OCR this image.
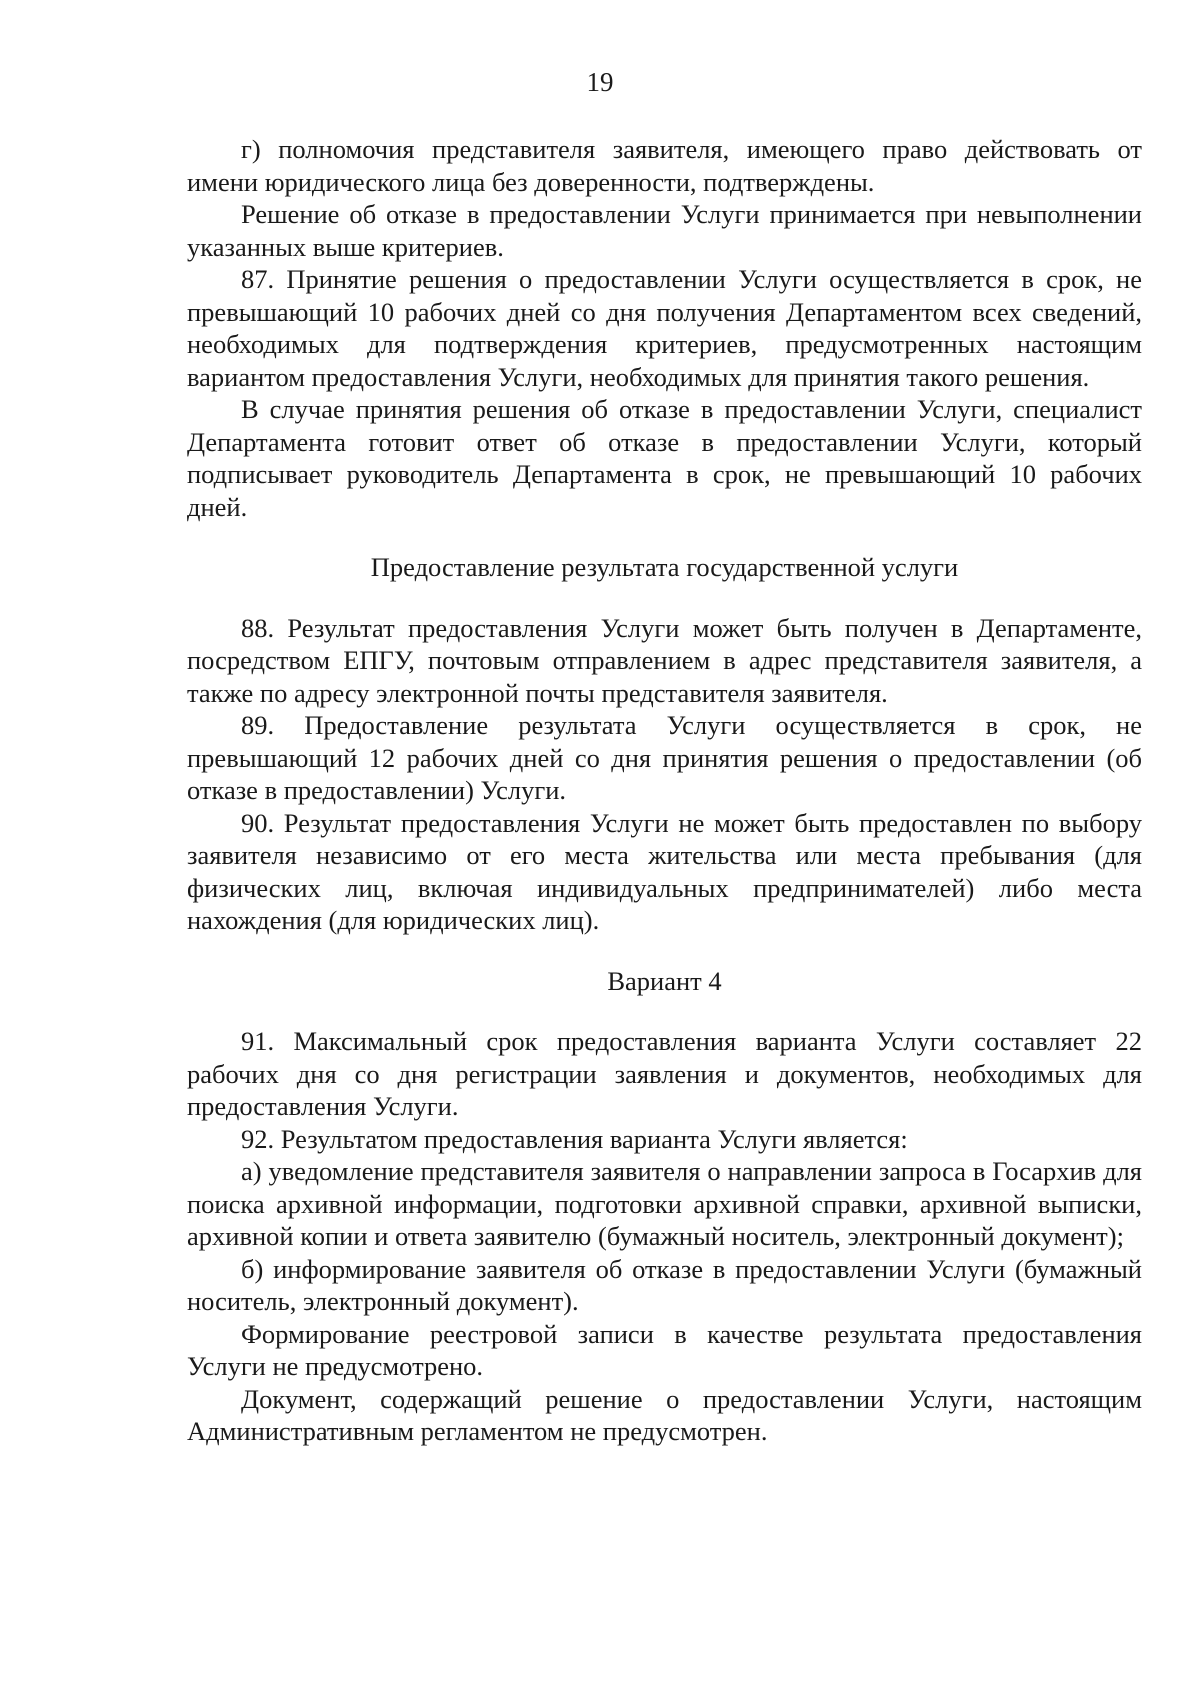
19

г) полномочия представителя заявителя, имеющего право действовать от имени юридического лица без доверенности, подтверждены.

Решение об отказе в предоставлении Услуги принимается при невыполнении указанных выше критериев.

87. Принятие решения о предоставлении Услуги осуществляется в срок, не превышающий 10 рабочих дней со дня получения Департаментом всех сведений, необходимых для подтверждения критериев, предусмотренных настоящим вариантом предоставления Услуги, необходимых для принятия такого решения.

В случае принятия решения об отказе в предоставлении Услуги, специалист Департамента готовит ответ об отказе в предоставлении Услуги, который подписывает руководитель Департамента в срок, не превышающий 10 рабочих дней.

Предоставление результата государственной услуги

88. Результат предоставления Услуги может быть получен в Департаменте, посредством ЕПГУ, почтовым отправлением в адрес представителя заявителя, а также по адресу электронной почты представителя заявителя.

89. Предоставление результата Услуги осуществляется в срок, не превышающий 12 рабочих дней со дня принятия решения о предоставлении (об отказе в предоставлении) Услуги.

90. Результат предоставления Услуги не может быть предоставлен по выбору заявителя независимо от его места жительства или места пребывания (для физических лиц, включая индивидуальных предпринимателей) либо места нахождения (для юридических лиц).

Вариант 4

91. Максимальный срок предоставления варианта Услуги составляет 22 рабочих дня со дня регистрации заявления и документов, необходимых для предоставления Услуги.

92. Результатом предоставления варианта Услуги является:

а) уведомление представителя заявителя о направлении запроса в Госархив для поиска архивной информации, подготовки архивной справки, архивной выписки, архивной копии и ответа заявителю (бумажный носитель, электронный документ);

б) информирование заявителя об отказе в предоставлении Услуги (бумажный носитель, электронный документ).

Формирование реестровой записи в качестве результата предоставления Услуги не предусмотрено.

Документ, содержащий решение о предоставлении Услуги, настоящим Административным регламентом не предусмотрен.
